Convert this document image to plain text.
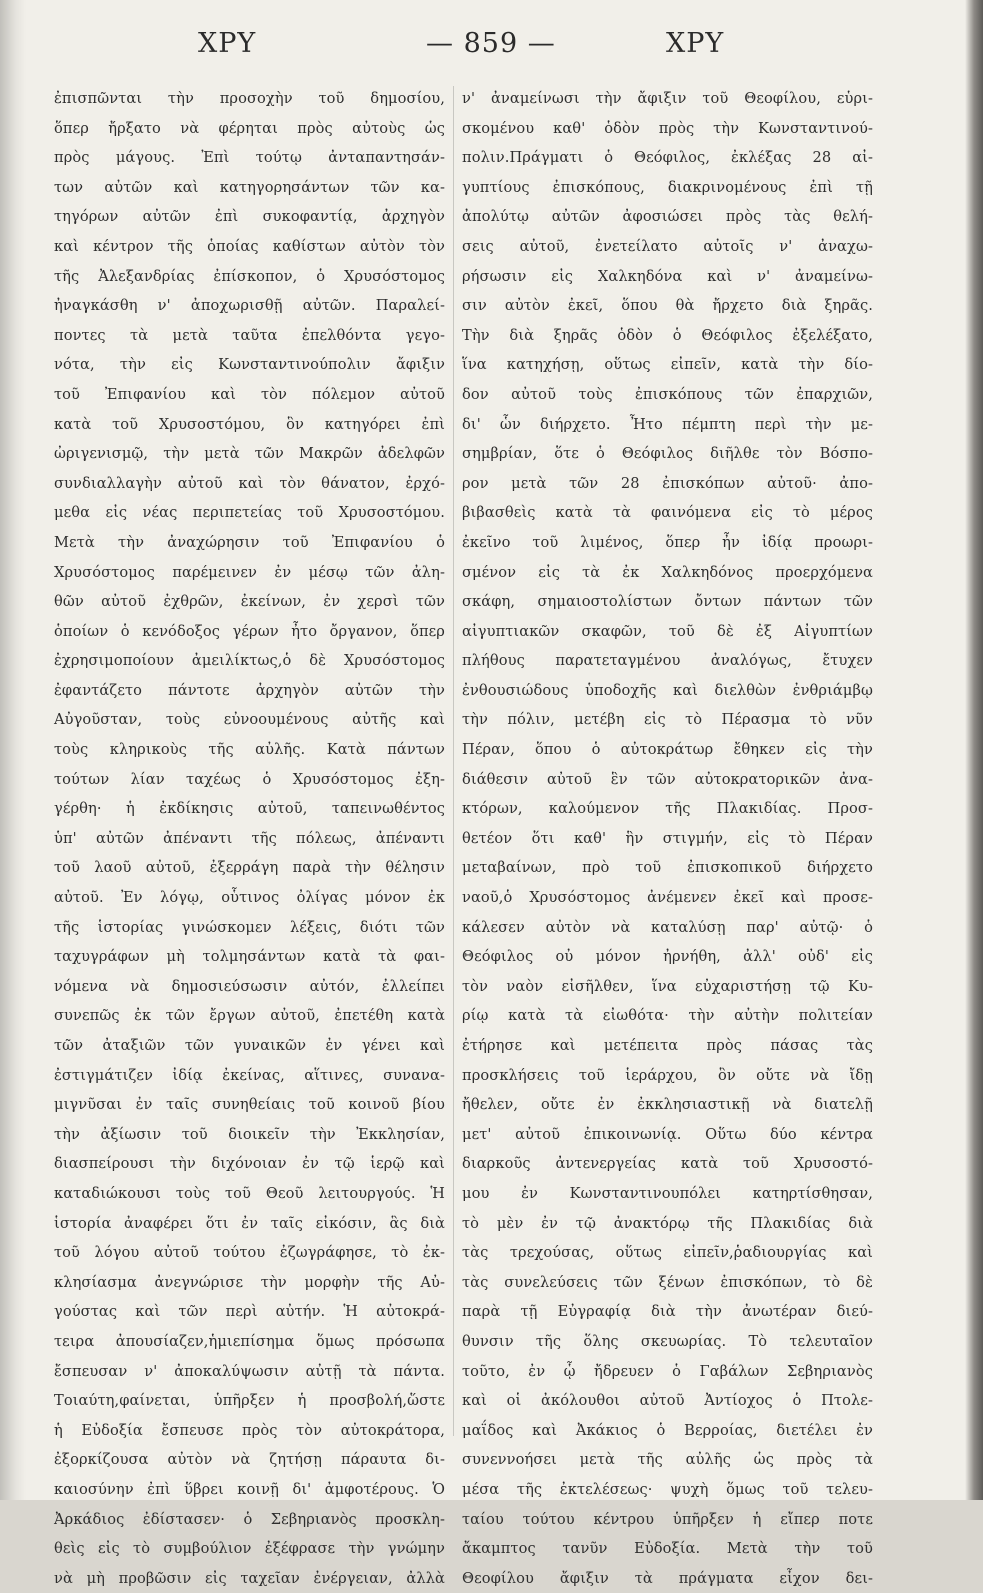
ΧΡΥ	— 859 —	ΧΡΥ
ἐπισπῶνται τὴν προσοχὴν τοῦ δημοσίου,
ὅπερ ἤρξατο νὰ φέρηται πρὸς αὐτοὺς ὡς
πρὸς μάγους. Ἐπὶ τούτῳ ἀνταπαντησάν-
των αὐτῶν καὶ κατηγορησάντων τῶν κα-
τηγόρων αὐτῶν ἐπὶ συκοφαντίᾳ, ἀρχηγὸν
καὶ κέντρον τῆς ὁποίας καθίστων αὐτὸν τὸν
τῆς Ἀλεξανδρίας ἐπίσκοπον, ὁ Χρυσόστομος
ἠναγκάσθη ν' ἀποχωρισθῇ αὐτῶν. Παραλεί-
ποντες τὰ μετὰ ταῦτα ἐπελθόντα γεγο-
νότα, τὴν εἰς Κωνσταντινούπολιν ἄφιξιν
τοῦ Ἐπιφανίου καὶ τὸν πόλεμον αὐτοῦ
κατὰ τοῦ Χρυσοστόμου, ὃν κατηγόρει ἐπὶ
ὠριγενισμῷ, τὴν μετὰ τῶν Μακρῶν ἀδελφῶν
συνδιαλλαγὴν αὐτοῦ καὶ τὸν θάνατον, ἐρχό-
μεθα εἰς νέας περιπετείας τοῦ Χρυσοστόμου.
Μετὰ τὴν ἀναχώρησιν τοῦ Ἐπιφανίου ὁ
Χρυσόστομος παρέμεινεν ἐν μέσῳ τῶν ἀλη-
θῶν αὐτοῦ ἐχθρῶν, ἐκείνων, ἐν χερσὶ τῶν
ὁποίων ὁ κενόδοξος γέρων ἦτο ὄργανον, ὅπερ
ἐχρησιμοποίουν ἀμειλίκτως,ὁ δὲ Χρυσόστομος
ἐφαντάζετο πάντοτε ἀρχηγὸν αὐτῶν τὴν
Αὐγοῦσταν, τοὺς εὐνοουμένους αὐτῆς καὶ
τοὺς κληρικοὺς τῆς αὐλῆς. Κατὰ πάντων
τούτων λίαν ταχέως ὁ Χρυσόστομος ἐξη-
γέρθη· ἡ ἐκδίκησις αὐτοῦ, ταπεινωθέντος
ὑπ' αὐτῶν ἀπέναντι τῆς πόλεως, ἀπέναντι
τοῦ λαοῦ αὐτοῦ, ἐξερράγη παρὰ τὴν θέλησιν
αὐτοῦ. Ἐν λόγῳ, οὗτινος ὀλίγας μόνον ἐκ
τῆς ἱστορίας γινώσκομεν λέξεις, διότι τῶν
ταχυγράφων μὴ τολμησάντων κατὰ τὰ φαι-
νόμενα νὰ δημοσιεύσωσιν αὐτόν, ἐλλείπει
συνεπῶς ἐκ τῶν ἔργων αὐτοῦ, ἐπετέθη κατὰ
τῶν ἀταξιῶν τῶν γυναικῶν ἐν γένει καὶ
ἐστιγμάτιζεν ἰδίᾳ ἐκείνας, αἵτινες, συνανα-
μιγνῦσαι ἐν ταῖς συνηθείαις τοῦ κοινοῦ βίου
τὴν ἀξίωσιν τοῦ διοικεῖν τὴν Ἐκκλησίαν,
διασπείρουσι τὴν διχόνοιαν ἐν τῷ ἱερῷ καὶ
καταδιώκουσι τοὺς τοῦ Θεοῦ λειτουργούς. Ἡ
ἱστορία ἀναφέρει ὅτι ἐν ταῖς εἰκόσιν, ἃς διὰ
τοῦ λόγου αὐτοῦ τούτου ἐζωγράφησε, τὸ ἐκ-
κλησίασμα ἀνεγνώρισε τὴν μορφὴν τῆς Αὐ-
γούστας καὶ τῶν περὶ αὐτήν. Ἡ αὐτοκρά-
τειρα ἀπουσίαζεν,ἡμιεπίσημα ὅμως πρόσωπα
ἔσπευσαν ν' ἀποκαλύψωσιν αὐτῇ τὰ πάντα.
Τοιαύτη,φαίνεται, ὑπῆρξεν ἡ προσβολή,ὥστε
ἡ Εὐδοξία ἔσπευσε πρὸς τὸν αὐτοκράτορα,
ἐξορκίζουσα αὐτὸν νὰ ζητήσῃ πάραυτα δι-
καιοσύνην ἐπὶ ὕβρει κοινῇ δι' ἀμφοτέρους. Ὁ
Ἀρκάδιος ἐδίστασεν· ὁ Σεβηριανὸς προσκλη-
θεὶς εἰς τὸ συμβούλιον ἐξέφρασε τὴν γνώμην
νὰ μὴ προβῶσιν εἰς ταχεῖαν ἐνέργειαν, ἀλλὰ
ν' ἀναμείνωσι τὴν ἄφιξιν τοῦ Θεοφίλου, εὑρι-
σκομένου καθ' ὁδὸν πρὸς τὴν Κωνσταντινού-
πολιν.Πράγματι ὁ Θεόφιλος, ἐκλέξας 28 αἰ-
γυπτίους ἐπισκόπους, διακρινομένους ἐπὶ τῇ
ἀπολύτῳ αὐτῶν ἀφοσιώσει πρὸς τὰς θελή-
σεις αὐτοῦ, ἐνετείλατο αὐτοῖς ν' ἀναχω-
ρήσωσιν εἰς Χαλκηδόνα καὶ ν' ἀναμείνω-
σιν αὐτὸν ἐκεῖ, ὅπου θὰ ἤρχετο διὰ ξηρᾶς.
Τὴν διὰ ξηρᾶς ὁδὸν ὁ Θεόφιλος ἐξελέξατο,
ἵνα κατηχήσῃ, οὕτως εἰπεῖν, κατὰ τὴν δίο-
δον αὐτοῦ τοὺς ἐπισκόπους τῶν ἐπαρχιῶν,
δι' ὧν διήρχετο. Ἦτο πέμπτη περὶ τὴν με-
σημβρίαν, ὅτε ὁ Θεόφιλος διῆλθε τὸν Βόσπο-
ρον μετὰ τῶν 28 ἐπισκόπων αὐτοῦ· ἀπο-
βιβασθεὶς κατὰ τὰ φαινόμενα εἰς τὸ μέρος
ἐκεῖνο τοῦ λιμένος, ὅπερ ἦν ἰδίᾳ προωρι-
σμένον εἰς τὰ ἐκ Χαλκηδόνος προερχόμενα
σκάφη, σημαιοστολίστων ὄντων πάντων τῶν
αἰγυπτιακῶν σκαφῶν, τοῦ δὲ ἐξ Αἰγυπτίων
πλήθους παρατεταγμένου ἀναλόγως, ἔτυχεν
ἐνθουσιώδους ὑποδοχῆς καὶ διελθὼν ἐνθριάμβῳ
τὴν πόλιν, μετέβη εἰς τὸ Πέρασμα τὸ νῦν
Πέραν, ὅπου ὁ αὐτοκράτωρ ἔθηκεν εἰς τὴν
διάθεσιν αὐτοῦ ἓν τῶν αὐτοκρατορικῶν ἀνα-
κτόρων, καλούμενον τῆς Πλακιδίας. Προσ-
θετέον ὅτι καθ' ἣν στιγμήν, εἰς τὸ Πέραν
μεταβαίνων, πρὸ τοῦ ἐπισκοπικοῦ διήρχετο
ναοῦ,ὁ Χρυσόστομος ἀνέμενεν ἐκεῖ καὶ προσε-
κάλεσεν αὐτὸν νὰ καταλύσῃ παρ' αὐτῷ· ὁ
Θεόφιλος οὐ μόνον ἠρνήθη, ἀλλ' οὐδ' εἰς
τὸν ναὸν εἰσῆλθεν, ἵνα εὐχαριστήσῃ τῷ Κυ-
ρίῳ κατὰ τὰ εἰωθότα· τὴν αὐτὴν πολιτείαν
ἐτήρησε καὶ μετέπειτα πρὸς πάσας τὰς
προσκλήσεις τοῦ ἱεράρχου, ὃν οὔτε νὰ ἴδῃ
ἤθελεν, οὔτε ἐν ἐκκλησιαστικῇ νὰ διατελῇ
μετ' αὐτοῦ ἐπικοινωνίᾳ. Οὕτω δύο κέντρα
διαρκοῦς ἀντενεργείας κατὰ τοῦ Χρυσοστό-
μου ἐν Κωνσταντινουπόλει κατηρτίσθησαν,
τὸ μὲν ἐν τῷ ἀνακτόρῳ τῆς Πλακιδίας διὰ
τὰς τρεχούσας, οὕτως εἰπεῖν,ῥαδιουργίας καὶ
τὰς συνελεύσεις τῶν ξένων ἐπισκόπων, τὸ δὲ
παρὰ τῇ Εὐγραφίᾳ διὰ τὴν ἀνωτέραν διεύ-
θυνσιν τῆς ὅλης σκευωρίας. Τὸ τελευταῖον
τοῦτο, ἐν ᾧ ἤδρευεν ὁ Γαβάλων Σεβηριανὸς
καὶ οἱ ἀκόλουθοι αὐτοῦ Ἀντίοχος ὁ Πτολε-
μαΐδος καὶ Ἀκάκιος ὁ Βερροίας, διετέλει ἐν
συνεννοήσει μετὰ τῆς αὐλῆς ὡς πρὸς τὰ
μέσα τῆς ἐκτελέσεως· ψυχὴ ὅμως τοῦ τελευ-
ταίου τούτου κέντρου ὑπῆρξεν ἡ εἴπερ ποτε
ἄκαμπτος τανῦν Εὐδοξία. Μετὰ τὴν τοῦ
Θεοφίλου ἄφιξιν τὰ πράγματα εἶχον δει-
